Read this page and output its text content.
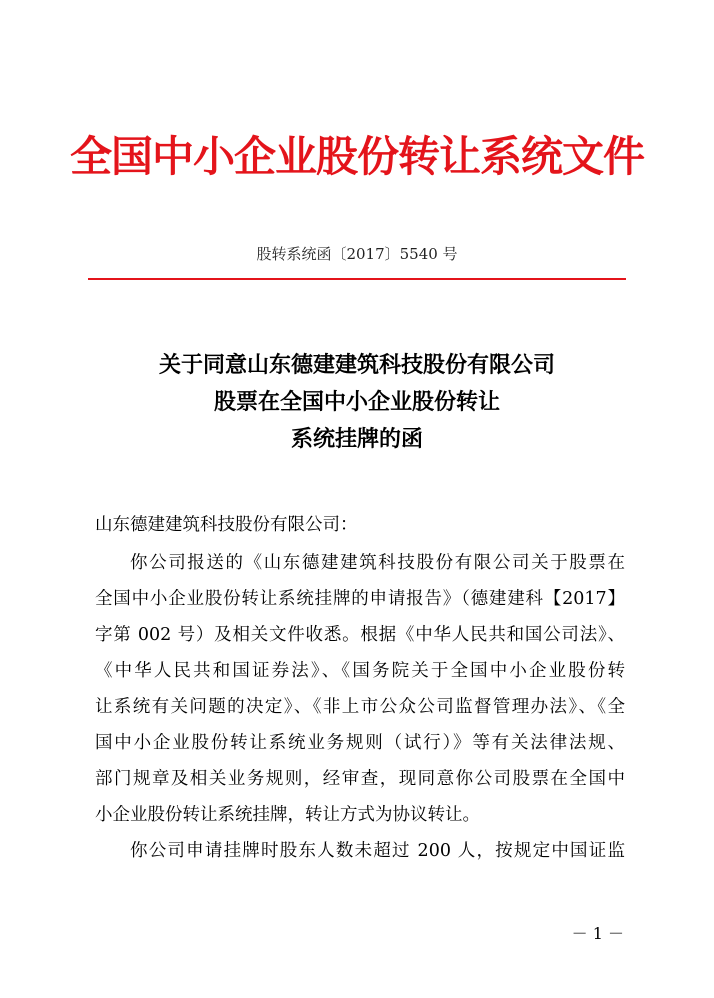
全国中小企业股份转让系统文件
股转系统函〔2017〕5540 号
关于同意山东德建建筑科技股份有限公司
股票在全国中小企业股份转让
系统挂牌的函
山东德建建筑科技股份有限公司：
你公司报送的《山东德建建筑科技股份有限公司关于股票在
全国中小企业股份转让系统挂牌的申请报告》（德建建科【2017】
字第 002 号）及相关文件收悉。根据《中华人民共和国公司法》、
《中华人民共和国证券法》、《国务院关于全国中小企业股份转
让系统有关问题的决定》、《非上市公众公司监督管理办法》、《全
国中小企业股份转让系统业务规则（试行）》等有关法律法规、
部门规章及相关业务规则，经审查，现同意你公司股票在全国中
小企业股份转让系统挂牌，转让方式为协议转让。
你公司申请挂牌时股东人数未超过 200 人，按规定中国证监
－ 1 －
